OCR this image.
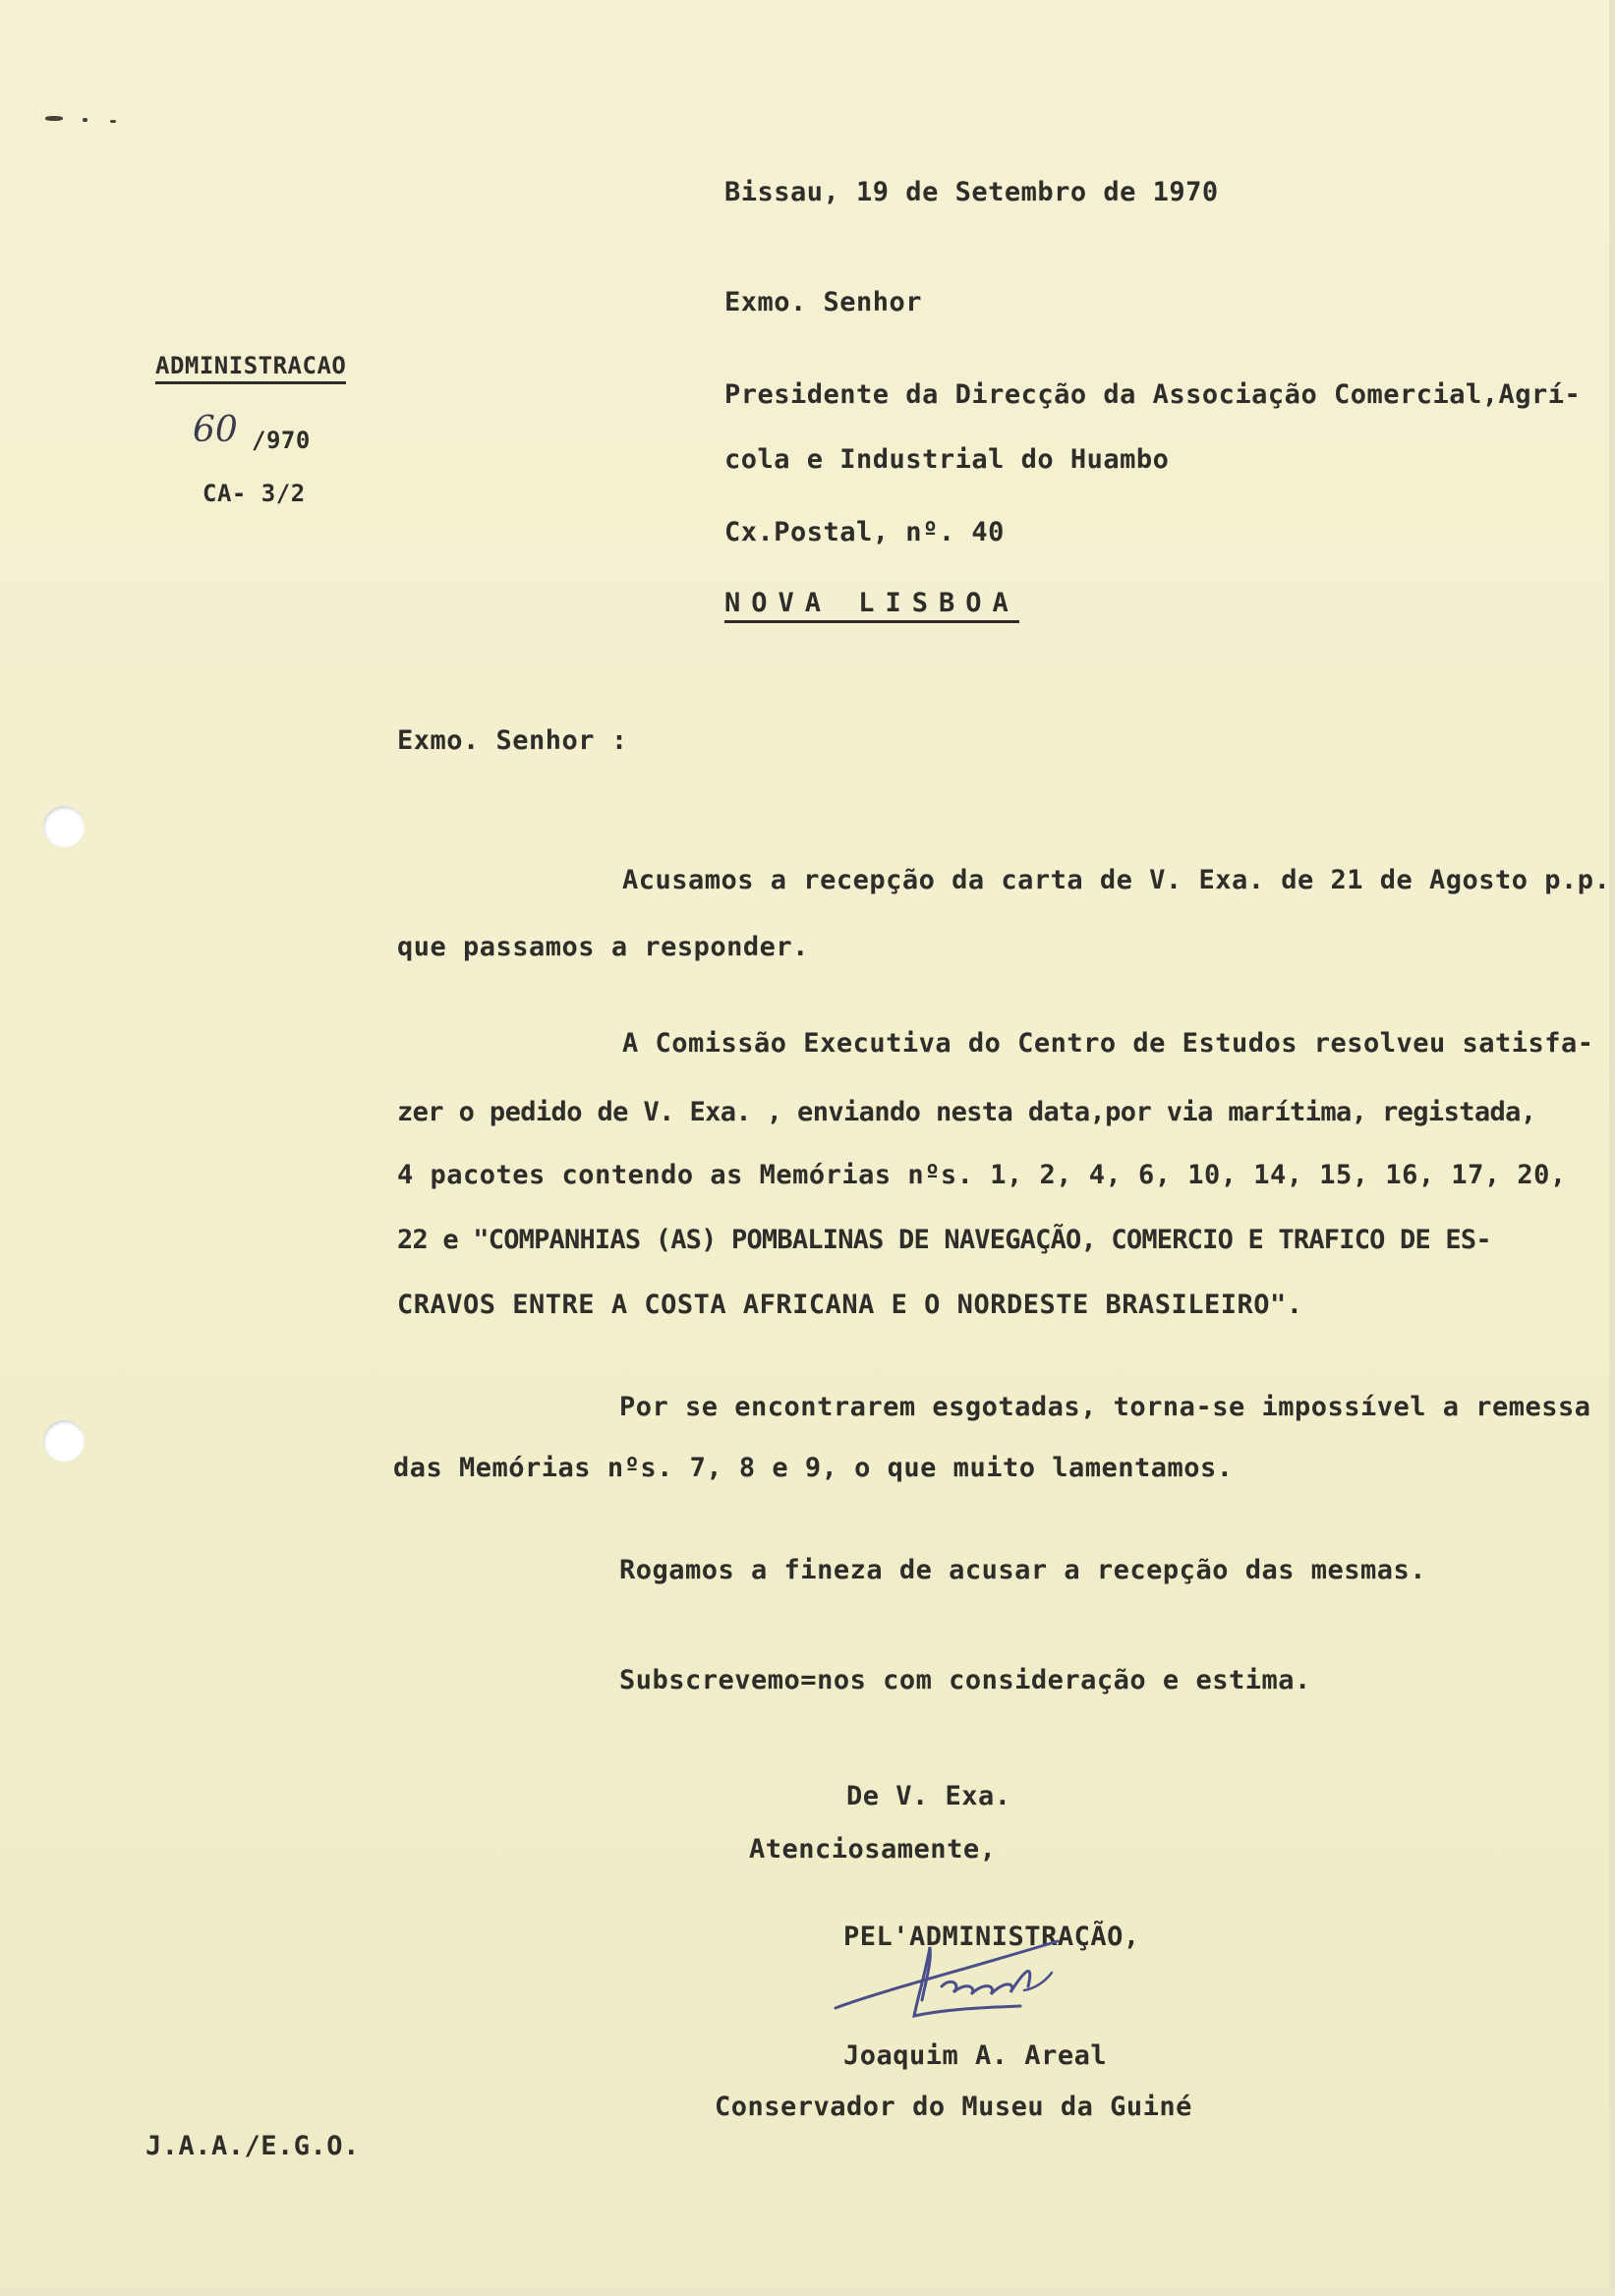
Bissau, 19 de Setembro de 1970
Exmo. Senhor
ADMINISTRACAO
60 /970
CA- 3/2
Presidente da Direcção da Associação Comercial,Agrí-
cola e Industrial do Huambo
Cx.Postal, nº. 40
NOVA LISBOA
Exmo. Senhor :
Acusamos a recepção da carta de V. Exa. de 21 de Agosto p.p.
que passamos a responder.
A Comissão Executiva do Centro de Estudos resolveu satisfa-
zer o pedido de V. Exa. , enviando nesta data,por via marítima, registada,
4 pacotes contendo as Memórias nºs. 1, 2, 4, 6, 10, 14, 15, 16, 17, 20,
22 e "COMPANHIAS (AS) POMBALINAS DE NAVEGAÇÃO, COMERCIO E TRAFICO DE ES-
CRAVOS ENTRE A COSTA AFRICANA E O NORDESTE BRASILEIRO".
Por se encontrarem esgotadas, torna-se impossível a remessa
das Memórias nºs. 7, 8 e 9, o que muito lamentamos.
Rogamos a fineza de acusar a recepção das mesmas.
Subscrevemo=nos com consideração e estima.
De V. Exa.
Atenciosamente,
PEL'ADMINISTRAÇÃO,
Joaquim A. Areal
Conservador do Museu da Guiné
J.A.A./E.G.O.
